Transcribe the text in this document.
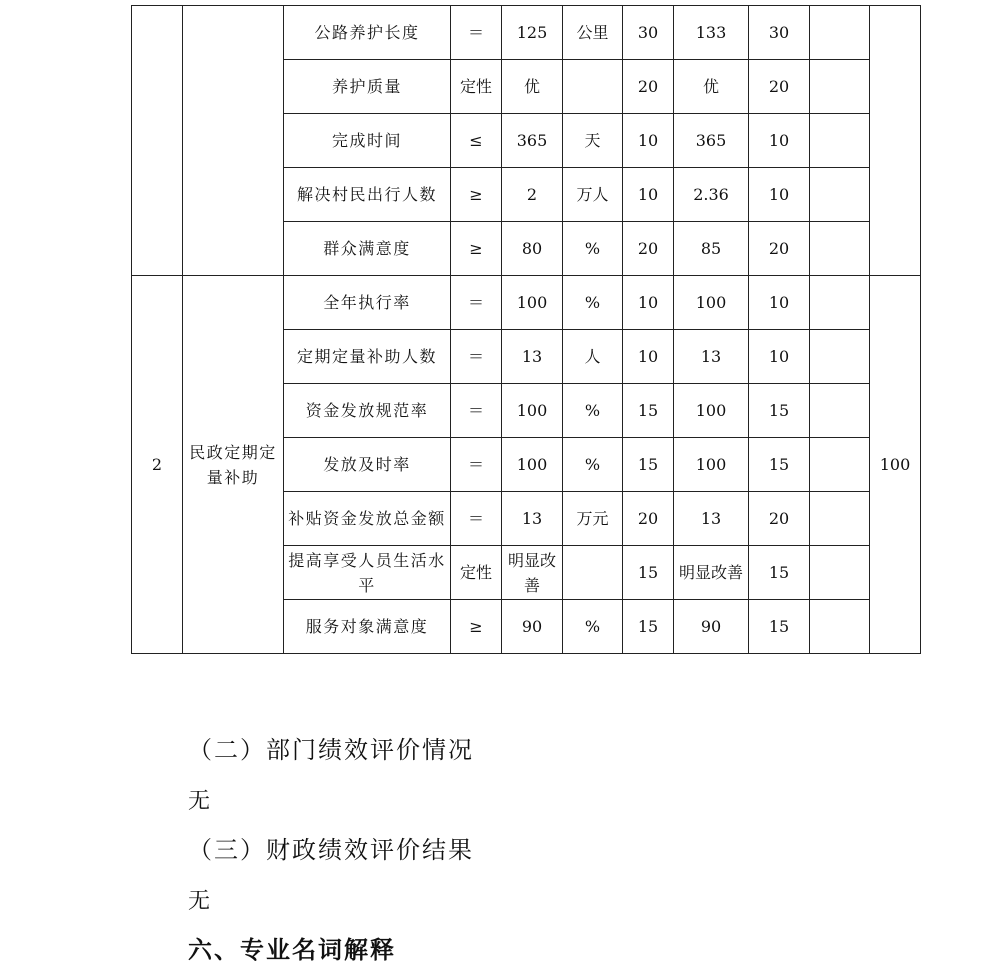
		公路养护长度	＝	125	公里	30	133	30		
		养护质量	定性	优		20	优	20		
		完成时间	≤	365	天	10	365	10		
		解决村民出行人数	≥	2	万人	10	2.36	10		
		群众满意度	≥	80	%	20	85	20		
2	民政定期定量补助	全年执行率	＝	100	%	10	100	10		100
		定期定量补助人数	＝	13	人	10	13	10		
		资金发放规范率	＝	100	%	15	100	15		
		发放及时率	＝	100	%	15	100	15		
		补贴资金发放总金额	＝	13	万元	20	13	20		
		提高享受人员生活水平	定性	明显改善		15	明显改善	15		
		服务对象满意度	≥	90	%	15	90	15		
（二）部门绩效评价情况
无
（三）财政绩效评价结果
无
六、专业名词解释
